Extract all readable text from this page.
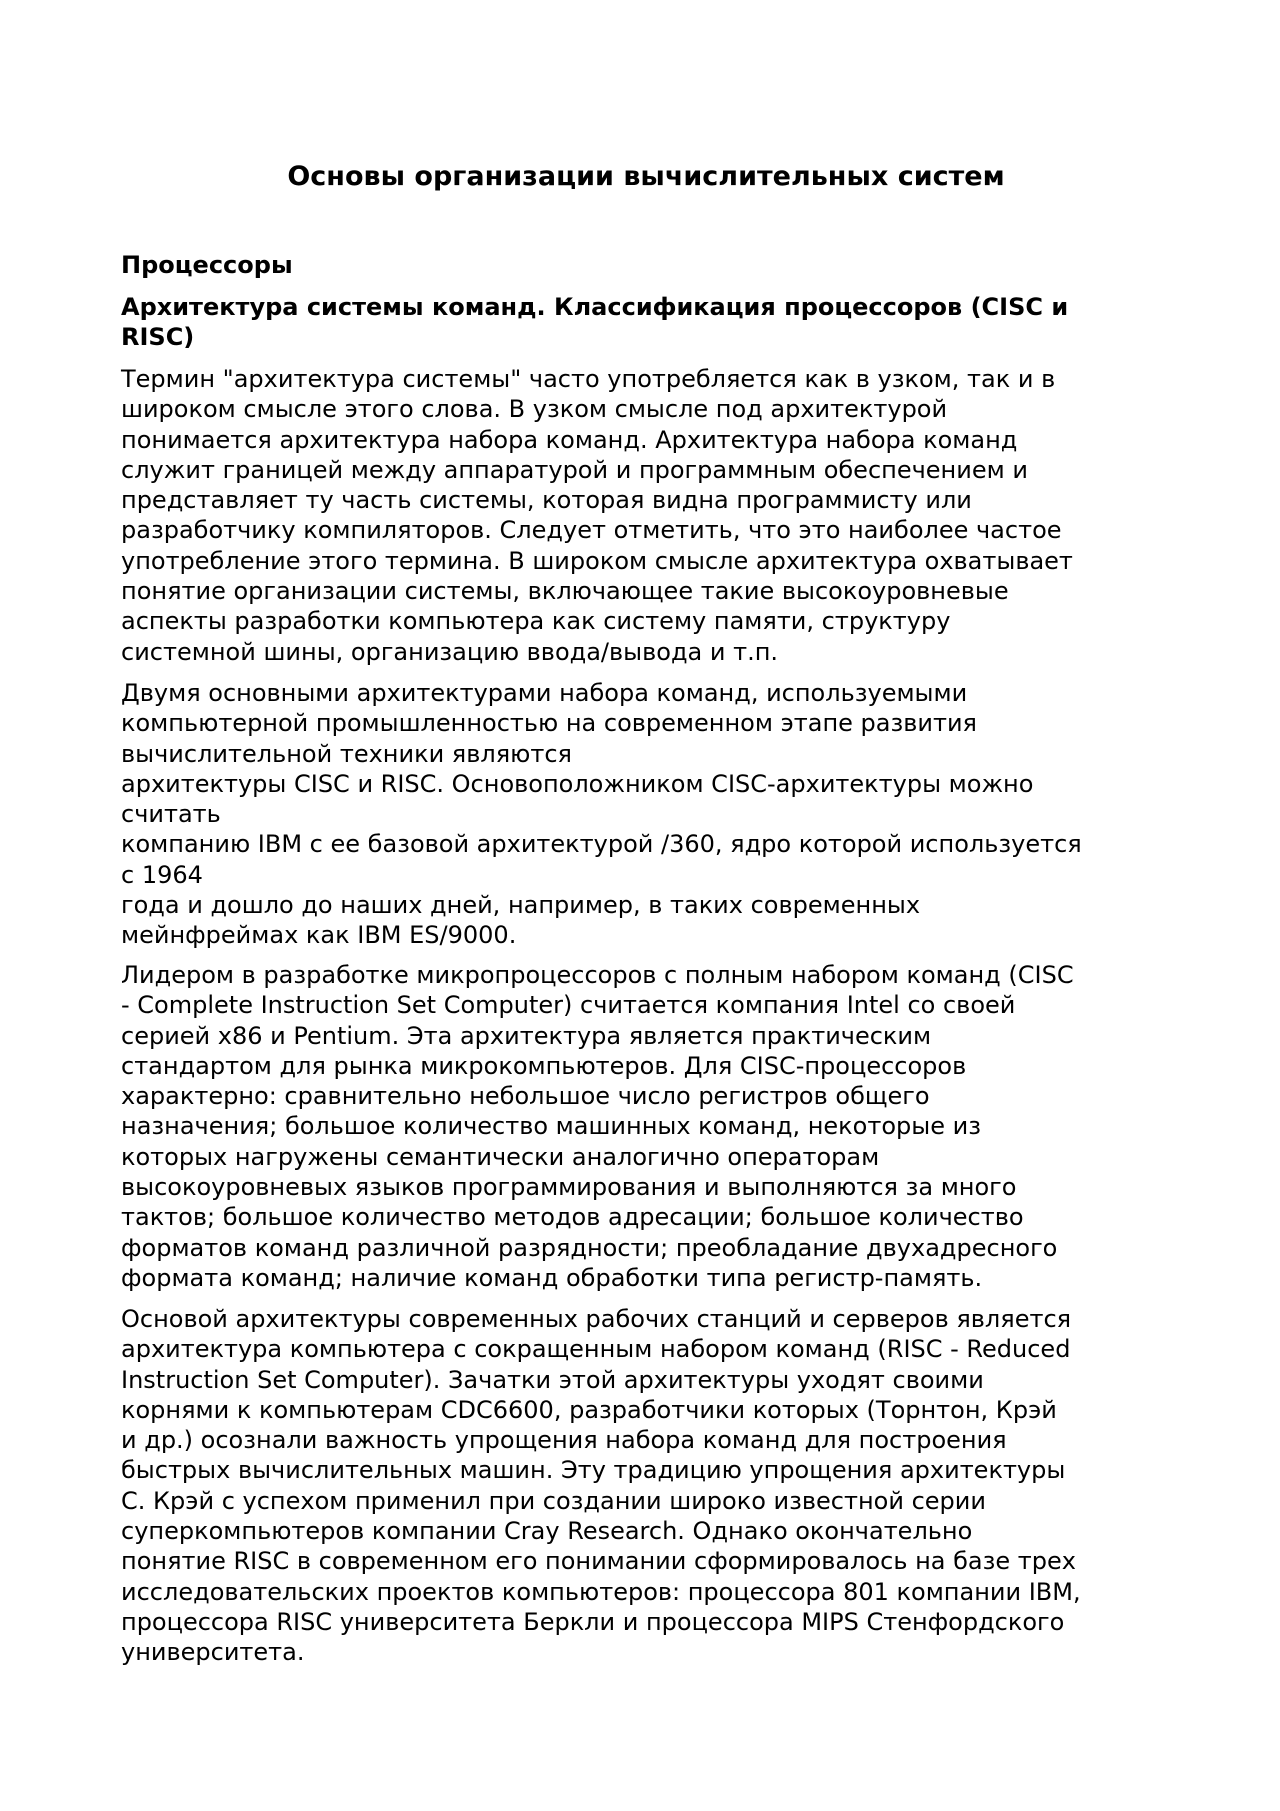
Основы организации вычислительных систем
Процессоры
Архитектура системы команд. Классификация процессоров (CISC и
RISC)

Термин "архитектура системы" часто употребляется как в узком, так и в
широком смысле этого слова. В узком смысле под архитектурой
понимается архитектура набора команд. Архитектура набора команд
служит границей между аппаратурой и программным обеспечением и
представляет ту часть системы, которая видна программисту или
разработчику компиляторов. Следует отметить, что это наиболее частое
употребление этого термина. В широком смысле архитектура охватывает
понятие организации системы, включающее такие высокоуровневые
аспекты разработки компьютера как систему памяти, структуру
системной шины, организацию ввода/вывода и т.п.

Двумя основными архитектурами набора команд, используемыми
компьютерной промышленностью на современном этапе развития
вычислительной техники являются
архитектуры CISC и RISC. Основоположником CISC-архитектуры можно
считать
компанию IBM с ее базовой архитектурой /360, ядро которой используется
с 1964
года и дошло до наших дней, например, в таких современных
мейнфреймах как IBM ES/9000.

Лидером в разработке микропроцессоров с полным набором команд (CISC
- Complete Instruction Set Computer) считается компания Intel со своей
серией x86 и Pentium. Эта архитектура является практическим
стандартом для рынка микрокомпьютеров. Для CISC-процессоров
характерно: сравнительно небольшое число регистров общего
назначения; большое количество машинных команд, некоторые из
которых нагружены семантически аналогично операторам
высокоуровневых языков программирования и выполняются за много
тактов; большое количество методов адресации; большое количество
форматов команд различной разрядности; преобладание двухадресного
формата команд; наличие команд обработки типа регистр-память.

Основой архитектуры современных рабочих станций и серверов является
архитектура компьютера с сокращенным набором команд (RISC - Reduced
Instruction Set Computer). Зачатки этой архитектуры уходят своими
корнями к компьютерам CDC6600, разработчики которых (Торнтон, Крэй
и др.) осознали важность упрощения набора команд для построения
быстрых вычислительных машин. Эту традицию упрощения архитектуры
С. Крэй с успехом применил при создании широко известной серии
суперкомпьютеров компании Cray Research. Однако окончательно
понятие RISC в современном его понимании сформировалось на базе трех
исследовательских проектов компьютеров: процессора 801 компании IBM,
процессора RISC университета Беркли и процессора MIPS Стенфордского
университета.
